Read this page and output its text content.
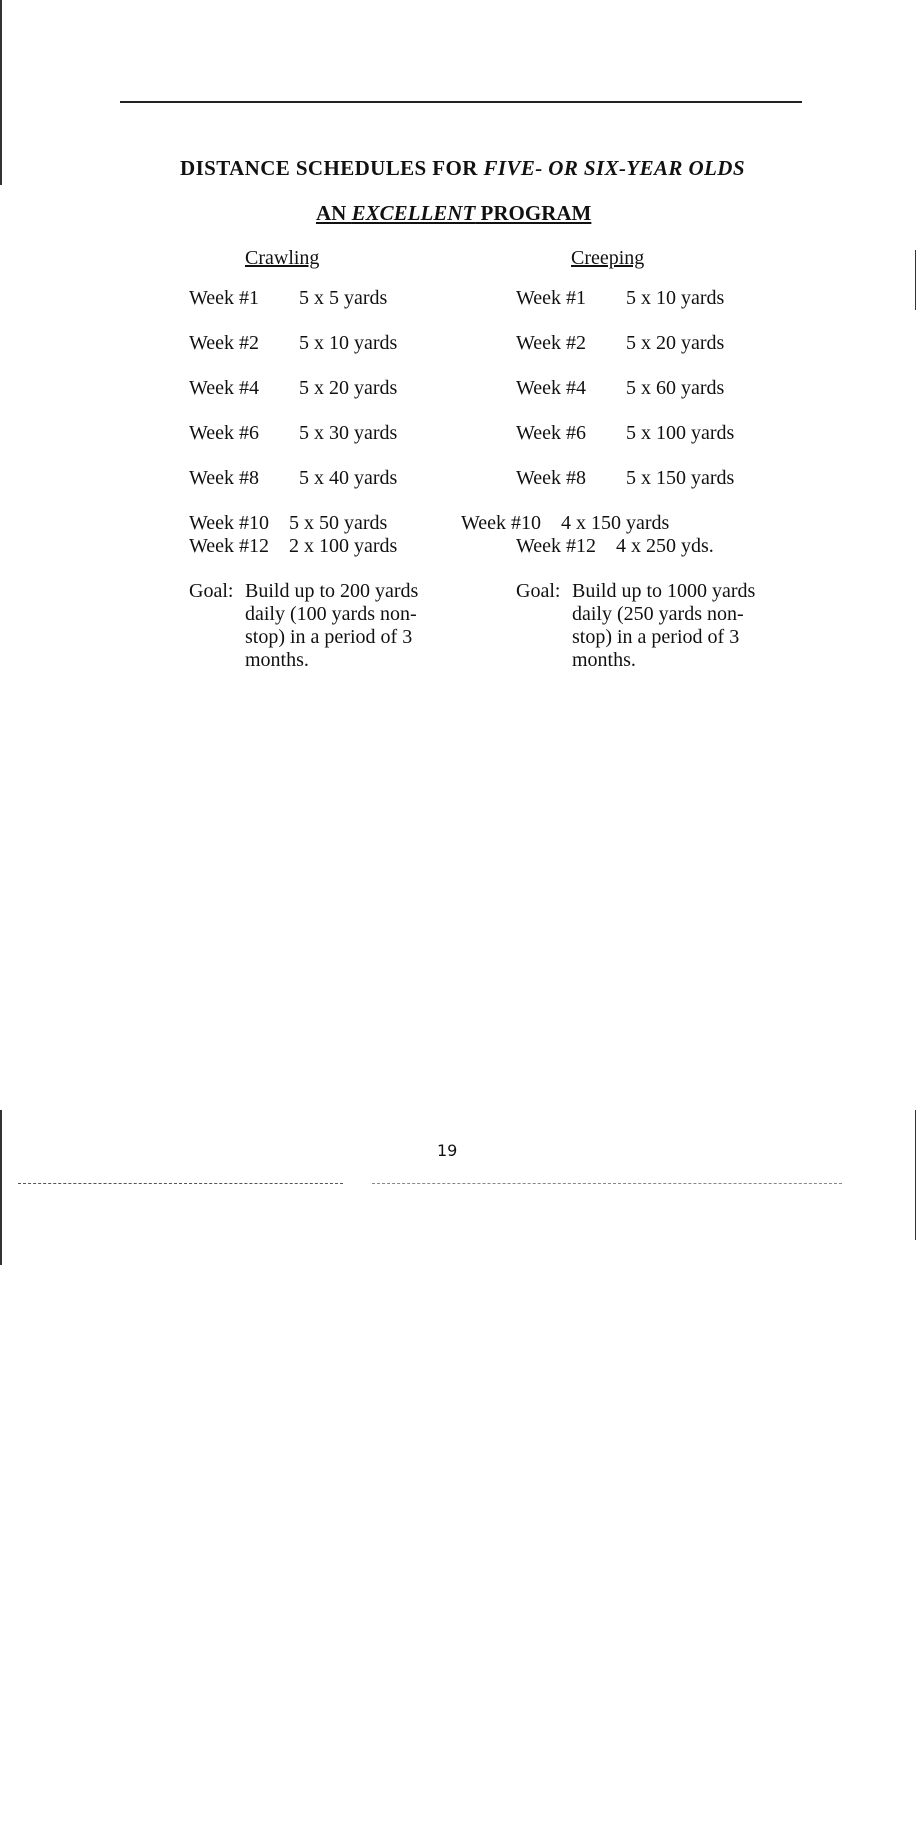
DISTANCE SCHEDULES FOR FIVE- OR SIX-YEAR OLDS
AN EXCELLENT PROGRAM
Crawling	Creeping
Week #1 5 x 5 yards
Week #2 5 x 10 yards
Week #4 5 x 20 yards
Week #6 5 x 30 yards
Week #8 5 x 40 yards
Week #10 5 x 50 yards
Week #12 2 x 100 yards
Goal: Build up to 200 yards
daily (100 yards non-
stop) in a period of 3
months.
Week #1 5 x 10 yards
Week #2 5 x 20 yards
Week #4 5 x 60 yards
Week #6 5 x 100 yards
Week #8 5 x 150 yards
Week #10 4 x 150 yards
Week #12 4 x 250 yds.
Goal: Build up to 1000 yards
daily (250 yards non-
stop) in a period of 3
months.
19
